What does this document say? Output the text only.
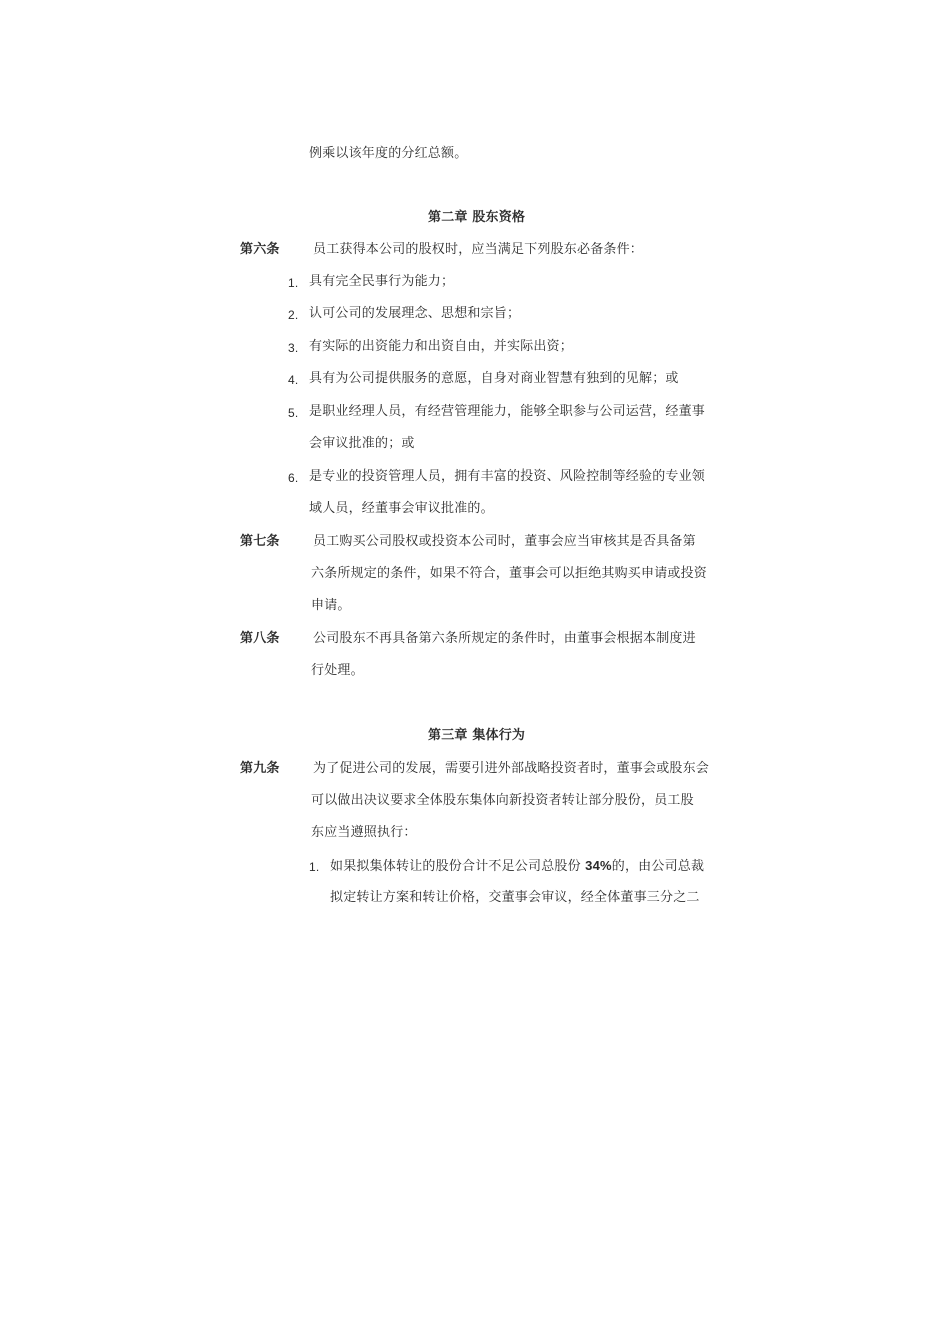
例乘以该年度的分红总额。
第二章 股东资格
第六条	员工获得本公司的股权时，应当满足下列股东必备条件：
1. 具有完全民事行为能力；
2. 认可公司的发展理念、思想和宗旨；
3. 有实际的出资能力和出资自由，并实际出资；
4. 具有为公司提供服务的意愿，自身对商业智慧有独到的见解；或
5. 是职业经理人员，有经营管理能力，能够全职参与公司运营，经董事
会审议批准的；或
6. 是专业的投资管理人员，拥有丰富的投资、风险控制等经验的专业领
域人员，经董事会审议批准的。
第七条	员工购买公司股权或投资本公司时，董事会应当审核其是否具备第
六条所规定的条件，如果不符合，董事会可以拒绝其购买申请或投资
申请。
第八条	公司股东不再具备第六条所规定的条件时，由董事会根据本制度进
行处理。
第三章 集体行为
第九条	为了促进公司的发展，需要引进外部战略投资者时，董事会或股东会
可以做出决议要求全体股东集体向新投资者转让部分股份，员工股
东应当遵照执行：
1. 如果拟集体转让的股份合计不足公司总股份 34%的，由公司总裁
拟定转让方案和转让价格，交董事会审议，经全体董事三分之二
